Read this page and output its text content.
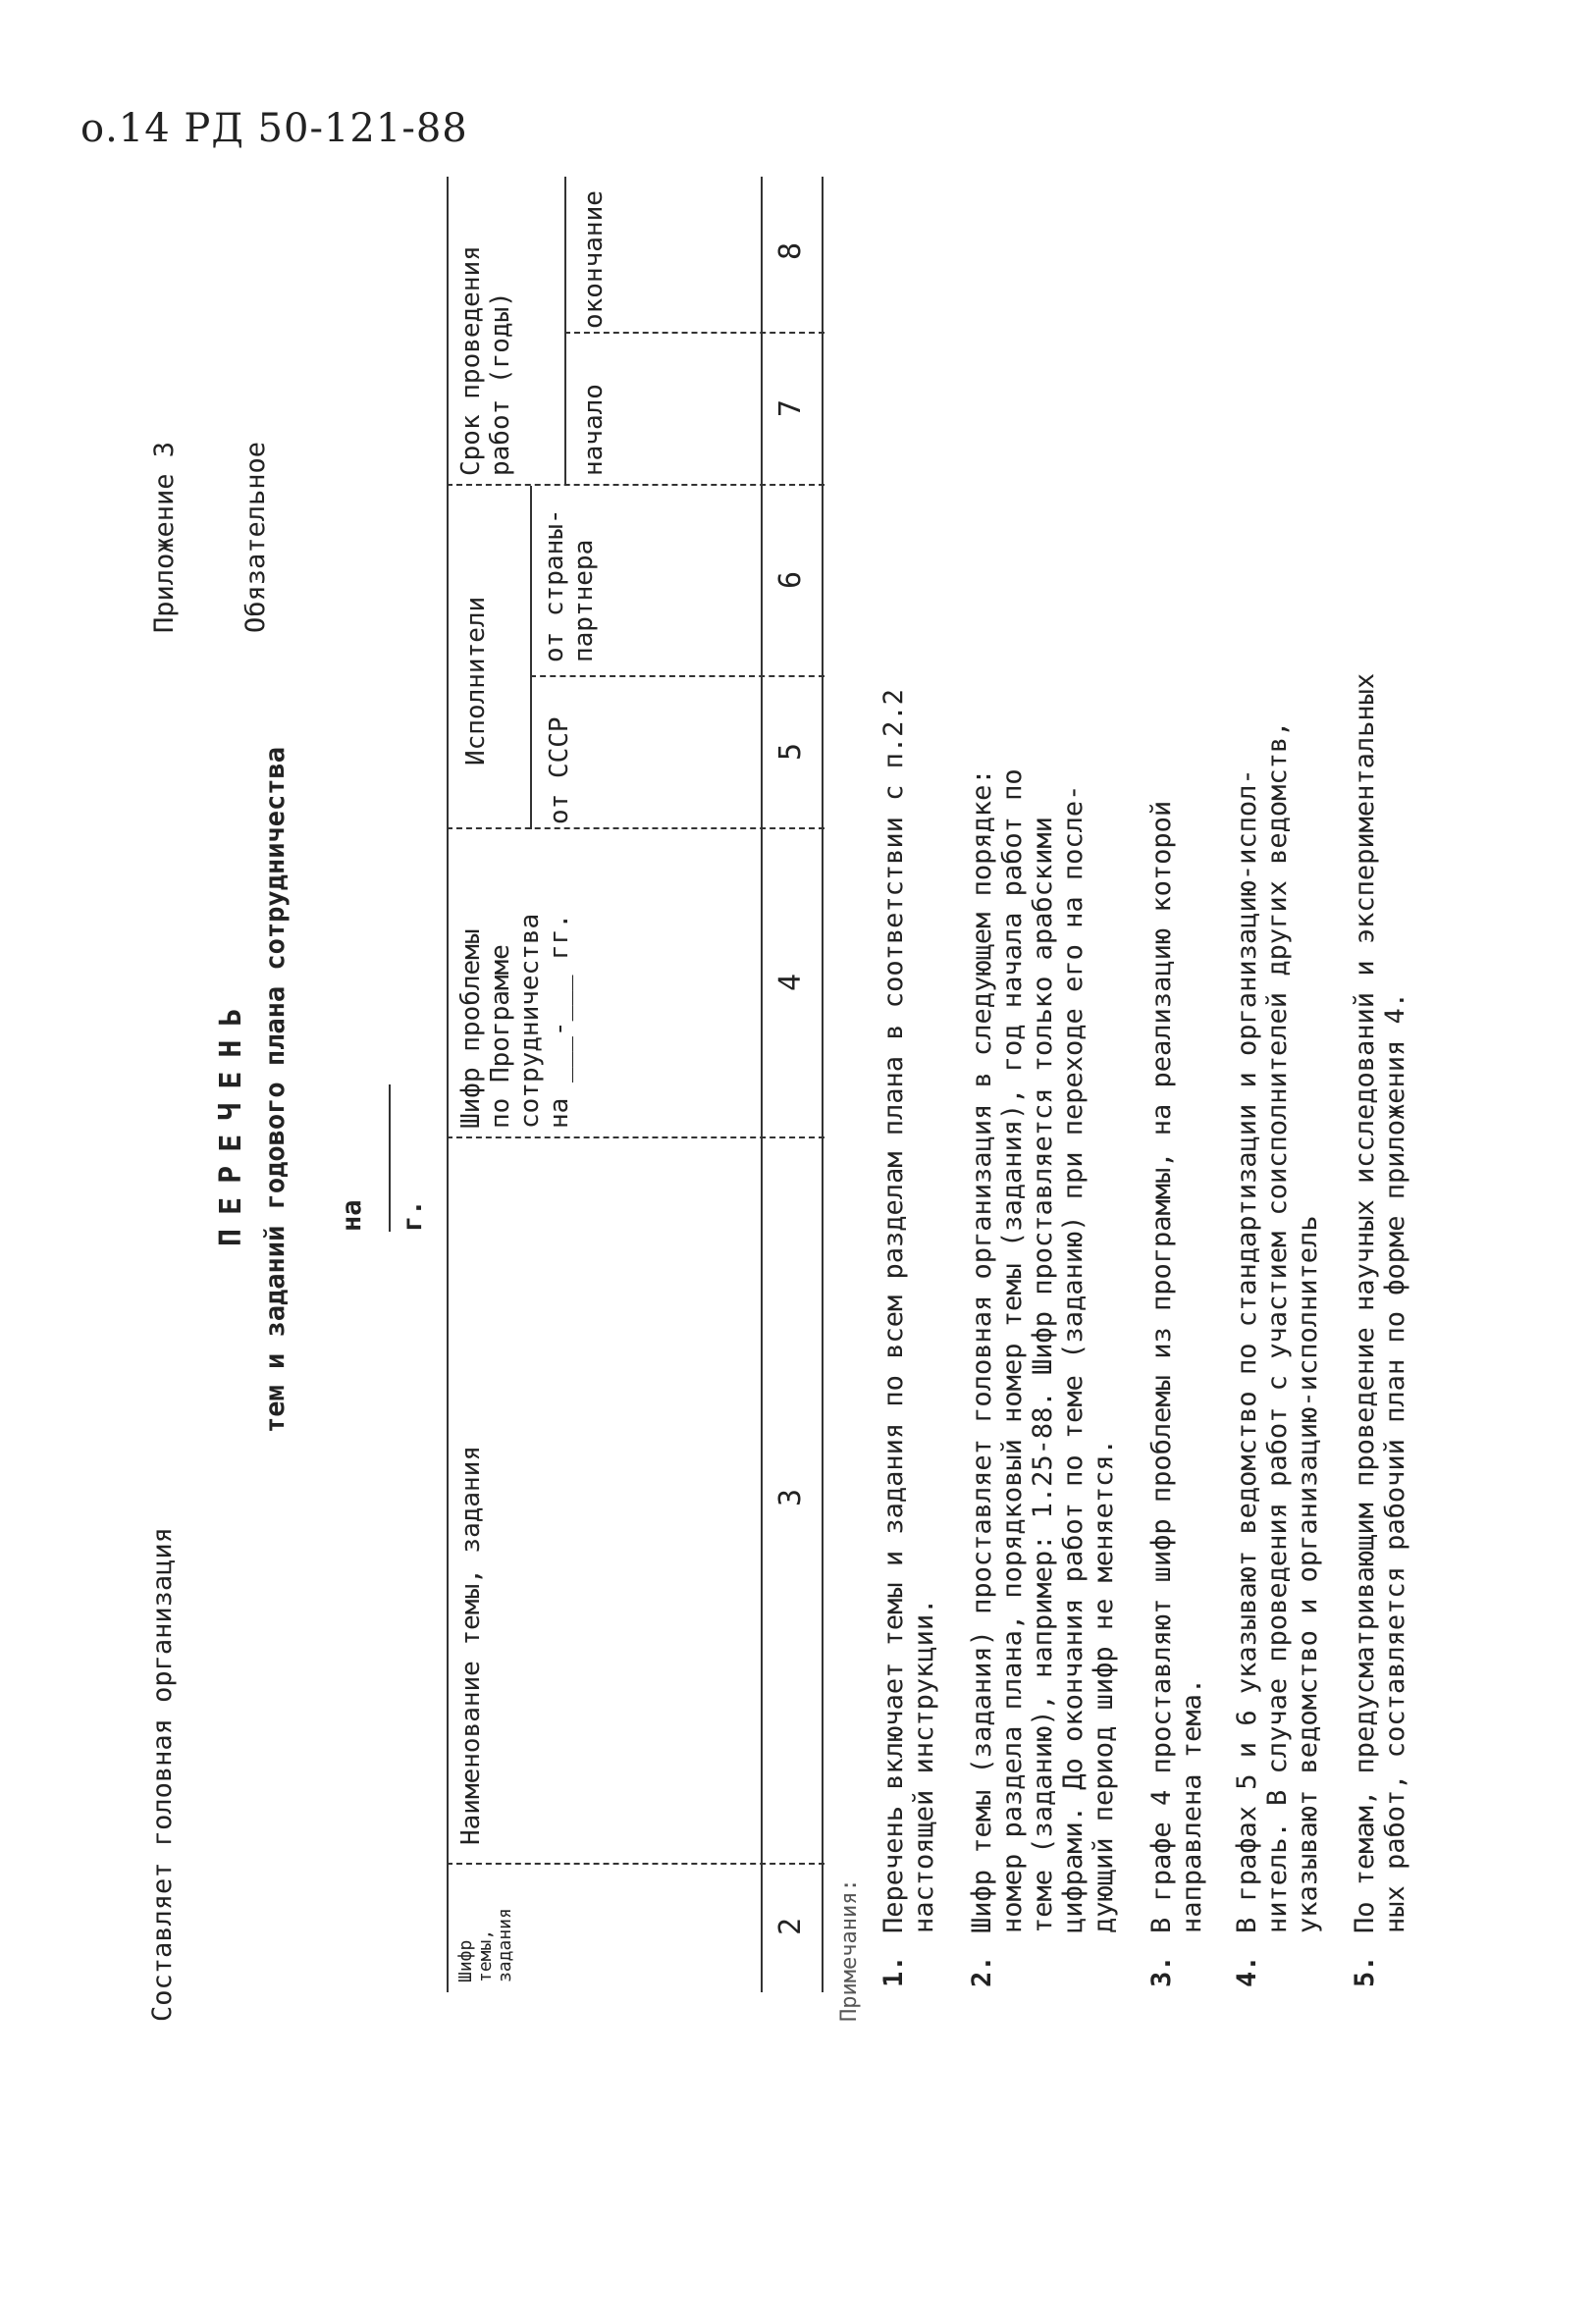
о.14 РД 50-121-88

Приложение 3

Обязательное

Составляет головная организация
ПЕРЕЧЕНЬ тем и заданий годового плана сотрудничества	на
г.

Шифр
темы,
задания
Наименование темы, задания
Шифр проблемы
по Программе
сотрудничества
на ___-___ гг.
Исполнители
от СССР
от страны-
партнера
Срок проведения
работ (годы)
начало
окончание
2
3
4
5
6
7
8
Примечания: 1.
Перечень включает темы и задания по всем разделам плана в соответствии с п.2.2
настоящей инструкции.
2.
Шифр темы (задания) проставляет головная организация в следующем порядке:
номер раздела плана, порядковый номер темы (задания), год начала работ по
теме (заданию), например: 1.25-88. Шифр проставляется только арабскими
цифрами. До окончания работ по теме (заданию) при переходе его на после-
дующий период шифр не меняется.
3.
В графе 4 проставляют шифр проблемы из программы, на реализацию которой
направлена тема.
4.
В графах 5 и 6 указывают ведомство по стандартизации и организацию-испол-
нитель. В случае проведения работ с участием соисполнителей других ведомств,
указывают ведомство и организацию-исполнитель
5.
По темам, предусматривающим проведение научных исследований и экспериментальных
ных работ, составляется рабочий план по форме приложения 4.
